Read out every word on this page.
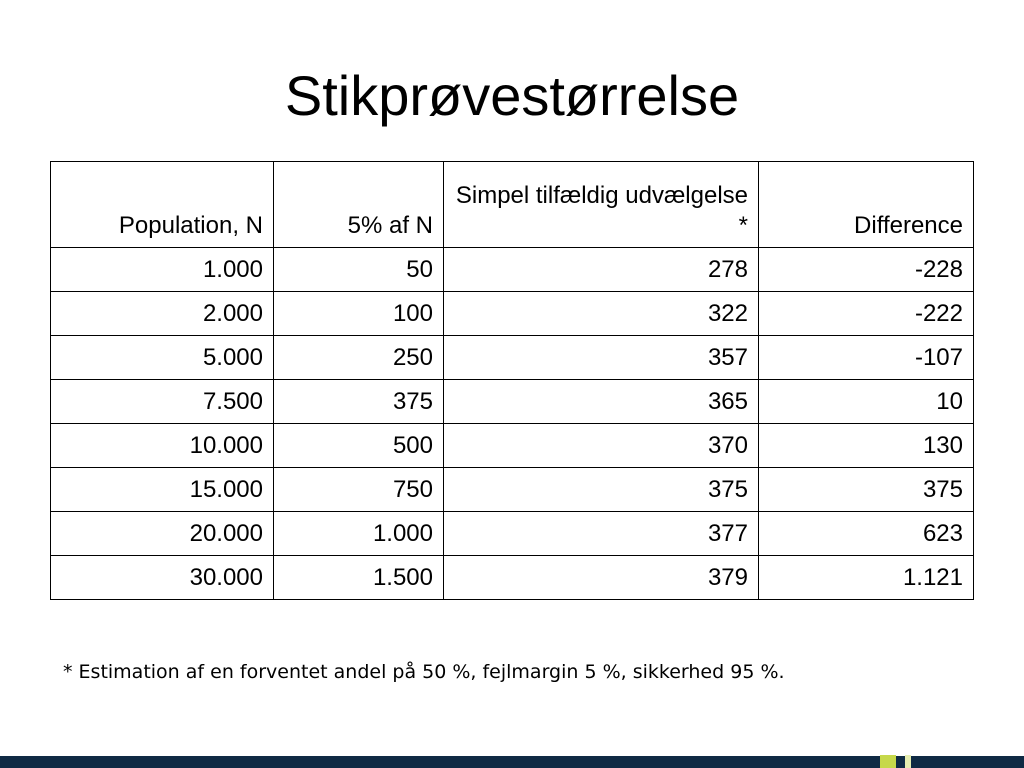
Stikprøvestørrelse
Population, N	5% af N	Simpel tilfældig udvælgelse *	Difference
1.000	50	278	-228
2.000	100	322	-222
5.000	250	357	-107
7.500	375	365	10
10.000	500	370	130
15.000	750	375	375
20.000	1.000	377	623
30.000	1.500	379	1.121
* Estimation af en forventet andel på 50 %, fejlmargin 5 %, sikkerhed 95 %.
